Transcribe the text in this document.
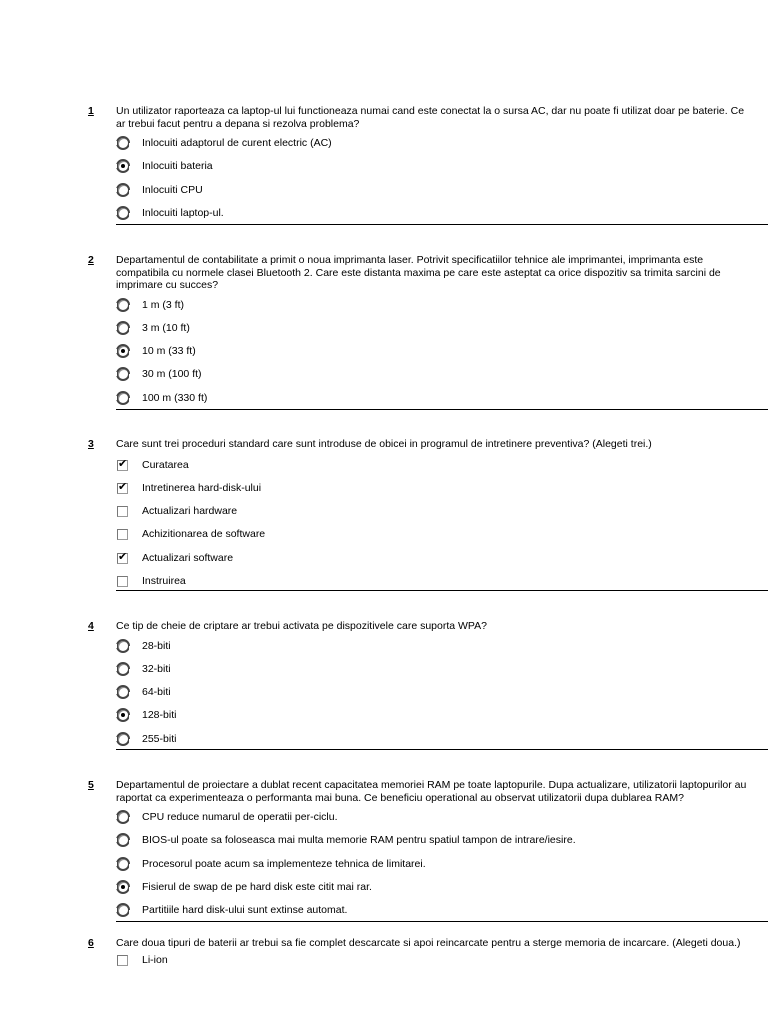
1 Un utilizator raporteaza ca laptop-ul lui functioneaza numai cand este conectat la o sursa AC, dar nu poate fi utilizat doar pe baterie. Ce
ar trebui facut pentru a depana si rezolva problema?
Inlocuiti adaptorul de curent electric (AC)
Inlocuiti bateria
Inlocuiti CPU
Inlocuiti laptop-ul.
2 Departamentul de contabilitate a primit o noua imprimanta laser. Potrivit specificatiilor tehnice ale imprimantei, imprimanta este
compatibila cu normele clasei Bluetooth 2. Care este distanta maxima pe care este asteptat ca orice dispozitiv sa trimita sarcini de
imprimare cu succes?
1 m (3 ft)
3 m (10 ft)
10 m (33 ft)
30 m (100 ft)
100 m (330 ft)
3 Care sunt trei proceduri standard care sunt introduse de obicei in programul de intretinere preventiva? (Alegeti trei.)
✔ Curatarea
✔ Intretinerea hard-disk-ului
Actualizari hardware
Achizitionarea de software
✔ Actualizari software
Instruirea
4 Ce tip de cheie de criptare ar trebui activata pe dispozitivele care suporta WPA?
28-biti
32-biti
64-biti
128-biti
255-biti
5 Departamentul de proiectare a dublat recent capacitatea memoriei RAM pe toate laptopurile. Dupa actualizare, utilizatorii laptopurilor au
raportat ca experimenteaza o performanta mai buna. Ce beneficiu operational au observat utilizatorii dupa dublarea RAM?
CPU reduce numarul de operatii per-ciclu.
BIOS-ul poate sa foloseasca mai multa memorie RAM pentru spatiul tampon de intrare/iesire.
Procesorul poate acum sa implementeze tehnica de limitarei.
Fisierul de swap de pe hard disk este citit mai rar.
Partitiile hard disk-ului sunt extinse automat.
6 Care doua tipuri de baterii ar trebui sa fie complet descarcate si apoi reincarcate pentru a sterge memoria de incarcare. (Alegeti doua.)
Li-ion
